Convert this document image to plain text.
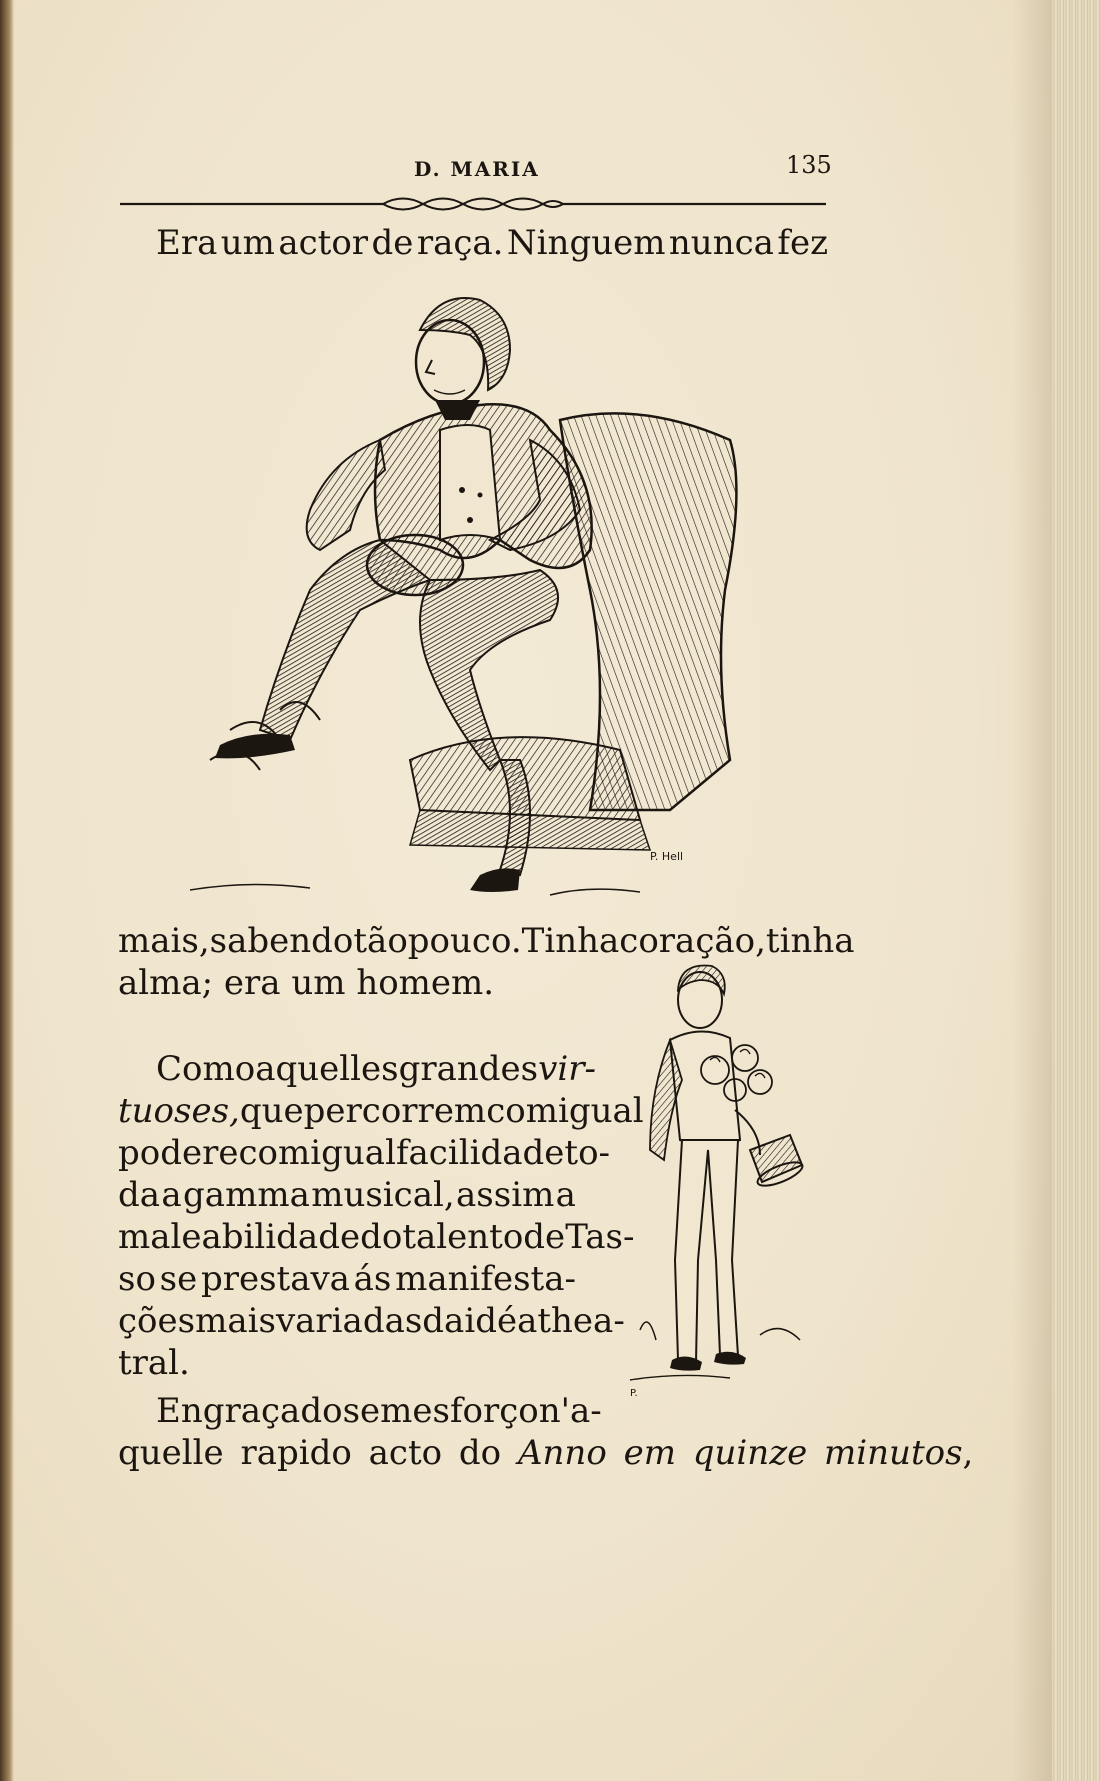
D. MARIA	135
Era um actor de raça. Ninguem nunca fez
P. Hell
mais, sabendo tão pouco. Tinha coração, tinha
alma; era um homem.
Como aquelles grandes vir-
tuoses, que percorrem com igual
poder e com igual facilidade to-
da a gamma musical, assim a
maleabilidade do talento de Tas-
so se prestava ás manifesta-
ções mais variadas da idéa thea-
tral.
Engraçado sem esforço n'a-
quelle rapido acto do Anno em quinze minutos,
P.
